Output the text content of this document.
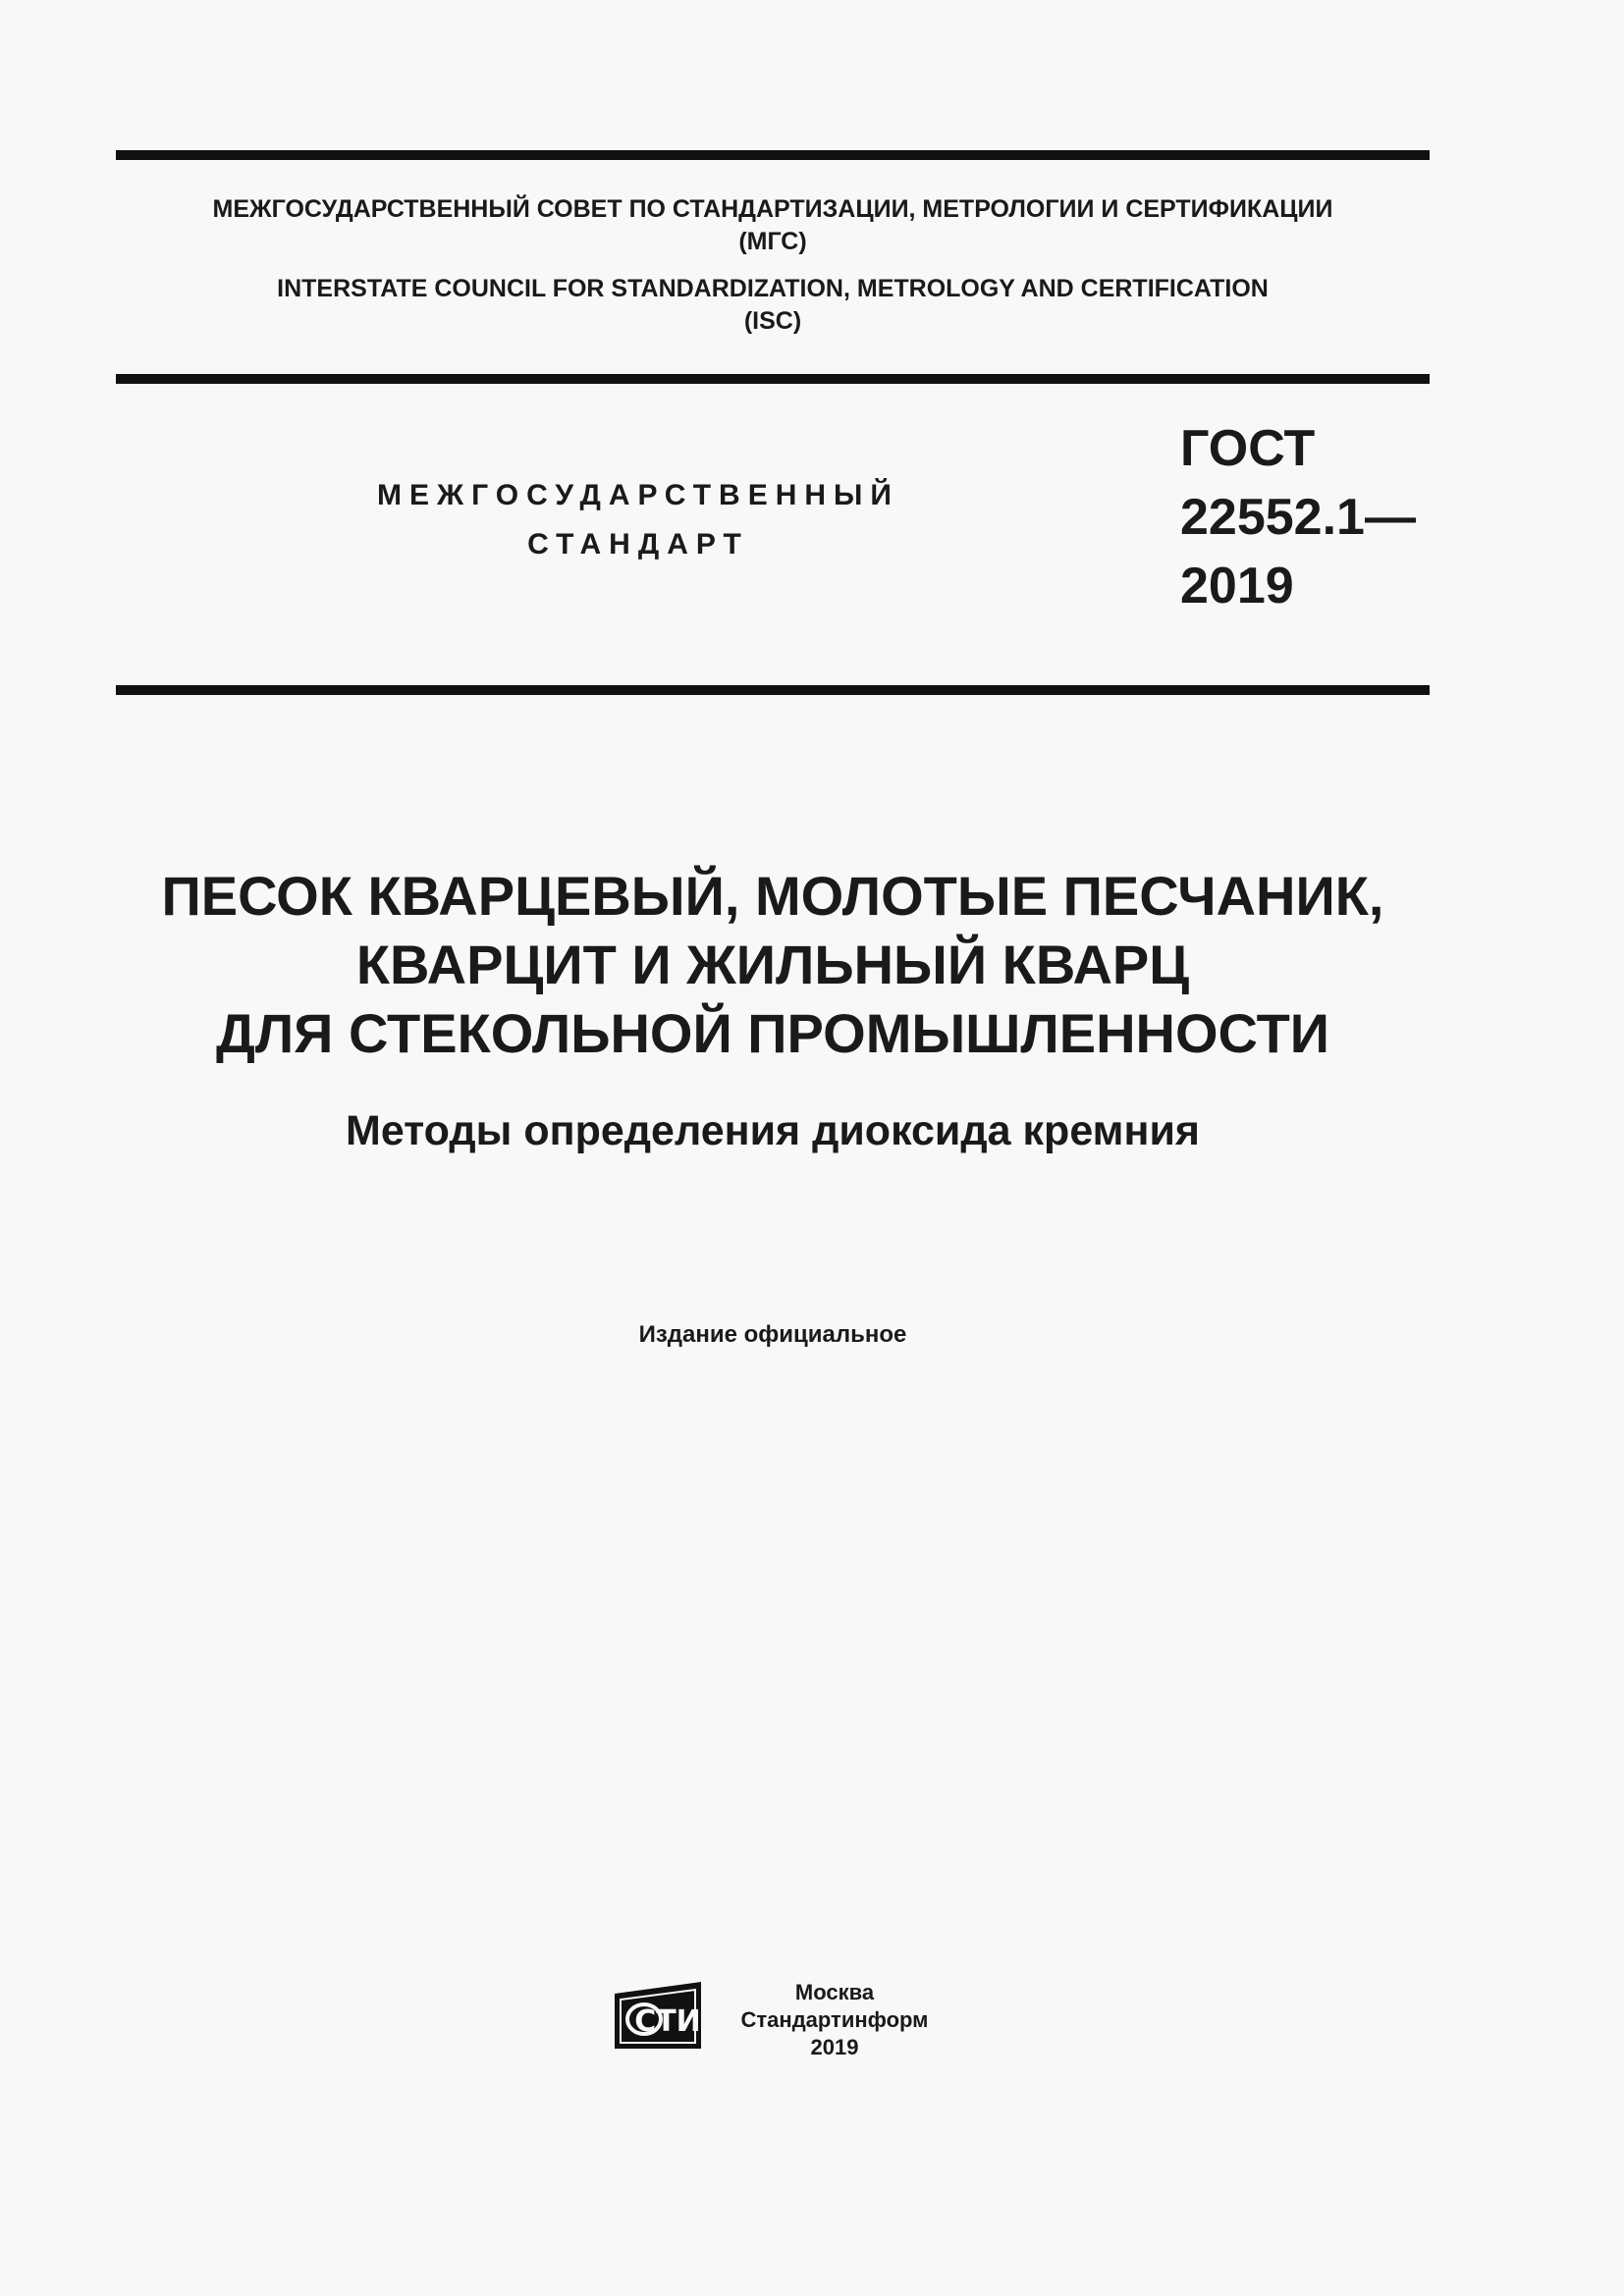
МЕЖГОСУДАРСТВЕННЫЙ СОВЕТ ПО СТАНДАРТИЗАЦИИ, МЕТРОЛОГИИ И СЕРТИФИКАЦИИ
(МГС)
INTERSTATE COUNCIL FOR STANDARDIZATION, METROLOGY AND CERTIFICATION
(ISC)
МЕЖГОСУДАРСТВЕННЫЙ
СТАНДАРТ
ГОСТ
22552.1—
2019
ПЕСОК КВАРЦЕВЫЙ, МОЛОТЫЕ ПЕСЧАНИК,
КВАРЦИТ И ЖИЛЬНЫЙ КВАРЦ
ДЛЯ СТЕКОЛЬНОЙ ПРОМЫШЛЕННОСТИ
Методы определения диоксида кремния
Издание официальное
СТИ
Москва
Стандартинформ
2019
